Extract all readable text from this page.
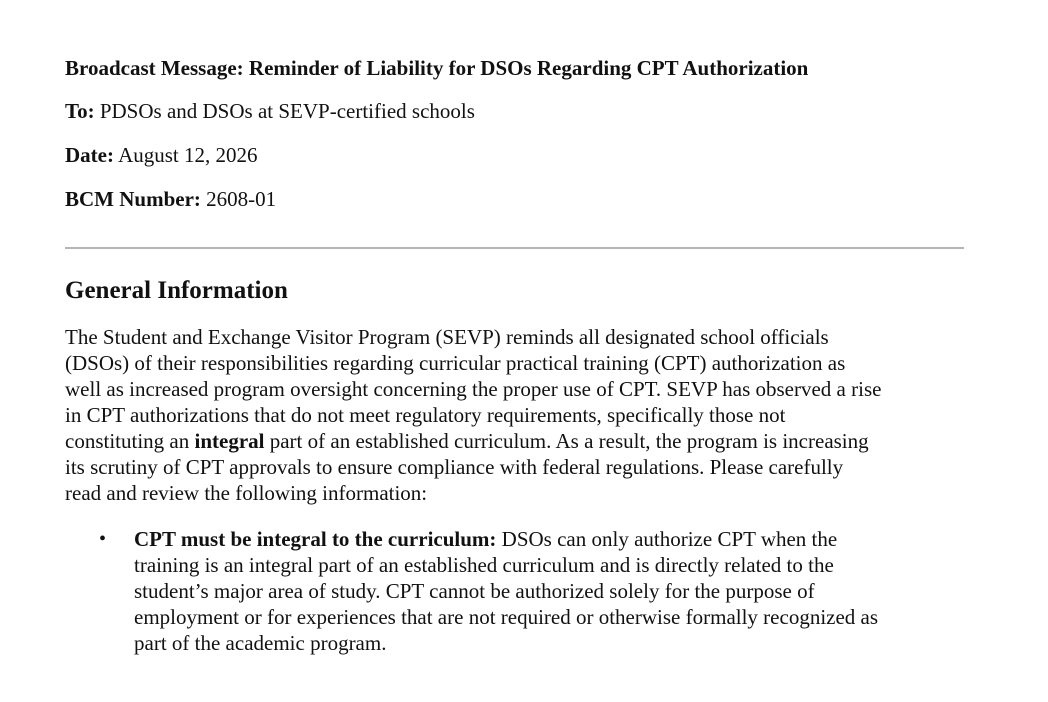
Broadcast Message: Reminder of Liability for DSOs Regarding CPT Authorization
To: PDSOs and DSOs at SEVP-certified schools
Date: August 12, 2026
BCM Number: 2608-01
General Information
The Student and Exchange Visitor Program (SEVP) reminds all designated school officials
(DSOs) of their responsibilities regarding curricular practical training (CPT) authorization as
well as increased program oversight concerning the proper use of CPT. SEVP has observed a rise
in CPT authorizations that do not meet regulatory requirements, specifically those not
constituting an integral part of an established curriculum. As a result, the program is increasing
its scrutiny of CPT approvals to ensure compliance with federal regulations. Please carefully
read and review the following information:
• CPT must be integral to the curriculum: DSOs can only authorize CPT when the
training is an integral part of an established curriculum and is directly related to the
student’s major area of study. CPT cannot be authorized solely for the purpose of
employment or for experiences that are not required or otherwise formally recognized as
part of the academic program.
